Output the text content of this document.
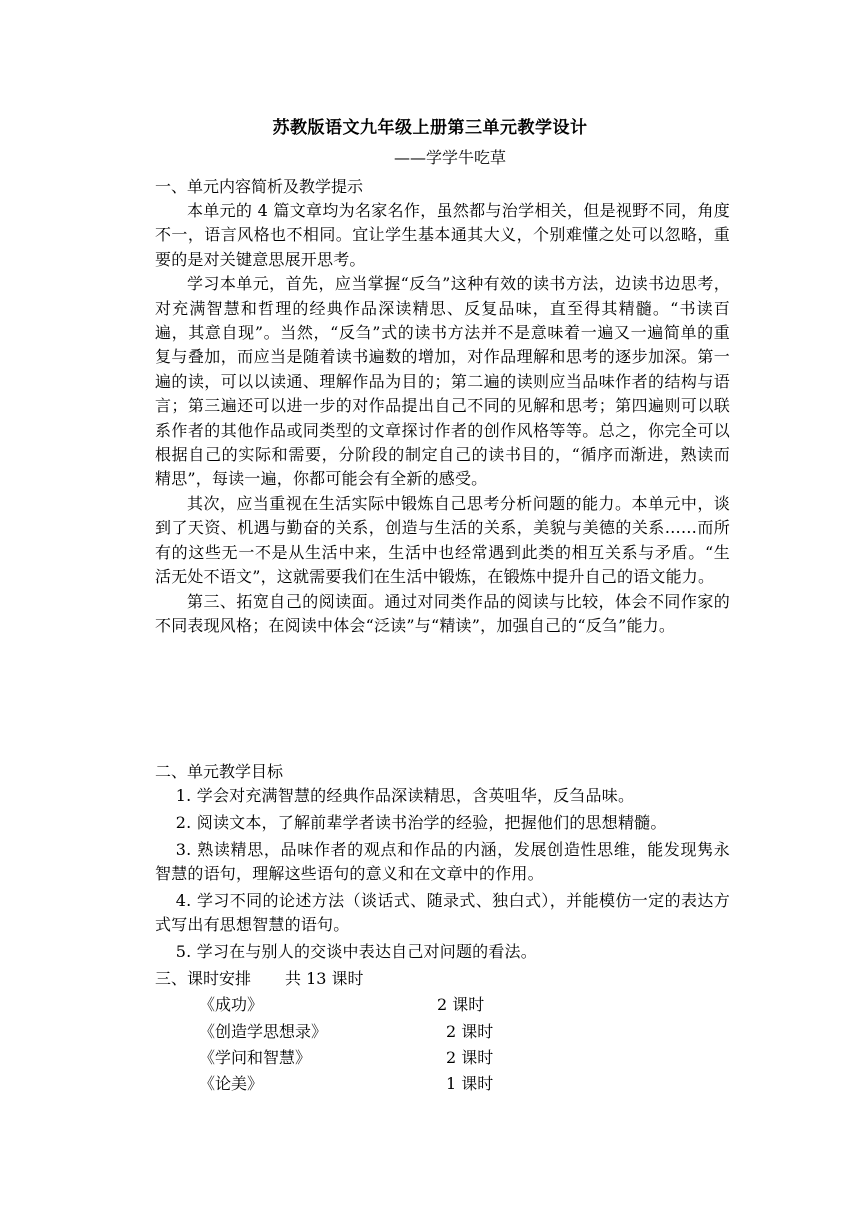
苏教版语文九年级上册第三单元教学设计
——学学牛吃草
一、单元内容简析及教学提示

本单元的 4 篇文章均为名家名作，虽然都与治学相关，但是视野不同，角度不一，语言风格也不相同。宜让学生基本通其大义，个别难懂之处可以忽略，重要的是对关键意思展开思考。

学习本单元，首先，应当掌握“反刍”这种有效的读书方法，边读书边思考，对充满智慧和哲理的经典作品深读精思、反复品味，直至得其精髓。“书读百遍，其意自现”。当然，“反刍”式的读书方法并不是意味着一遍又一遍简单的重复与叠加，而应当是随着读书遍数的增加，对作品理解和思考的逐步加深。第一遍的读，可以以读通、理解作品为目的；第二遍的读则应当品味作者的结构与语言；第三遍还可以进一步的对作品提出自己不同的见解和思考；第四遍则可以联系作者的其他作品或同类型的文章探讨作者的创作风格等等。总之，你完全可以根据自己的实际和需要，分阶段的制定自己的读书目的，“循序而渐进，熟读而精思”，每读一遍，你都可能会有全新的感受。

其次，应当重视在生活实际中锻炼自己思考分析问题的能力。本单元中，谈到了天资、机遇与勤奋的关系，创造与生活的关系，美貌与美德的关系……而所有的这些无一不是从生活中来，生活中也经常遇到此类的相互关系与矛盾。“生活无处不语文”，这就需要我们在生活中锻炼，在锻炼中提升自己的语文能力。

第三、拓宽自己的阅读面。通过对同类作品的阅读与比较，体会不同作家的不同表现风格；在阅读中体会“泛读”与“精读”，加强自己的“反刍”能力。

二、单元教学目标

1. 学会对充满智慧的经典作品深读精思，含英咀华，反刍品味。

2. 阅读文本，了解前辈学者读书治学的经验，把握他们的思想精髓。

3. 熟读精思，品味作者的观点和作品的内涵，发展创造性思维，能发现隽永智慧的语句，理解这些语句的意义和在文章中的作用。

4. 学习不同的论述方法（谈话式、随录式、独白式），并能模仿一定的表达方式写出有思想智慧的语句。

5. 学习在与别人的交谈中表达自己对问题的看法。

三、课时安排 共 13 课时
《成功》	2 课时
《创造学思想录》	2 课时
《学问和智慧》	2 课时
《论美》	1 课时
